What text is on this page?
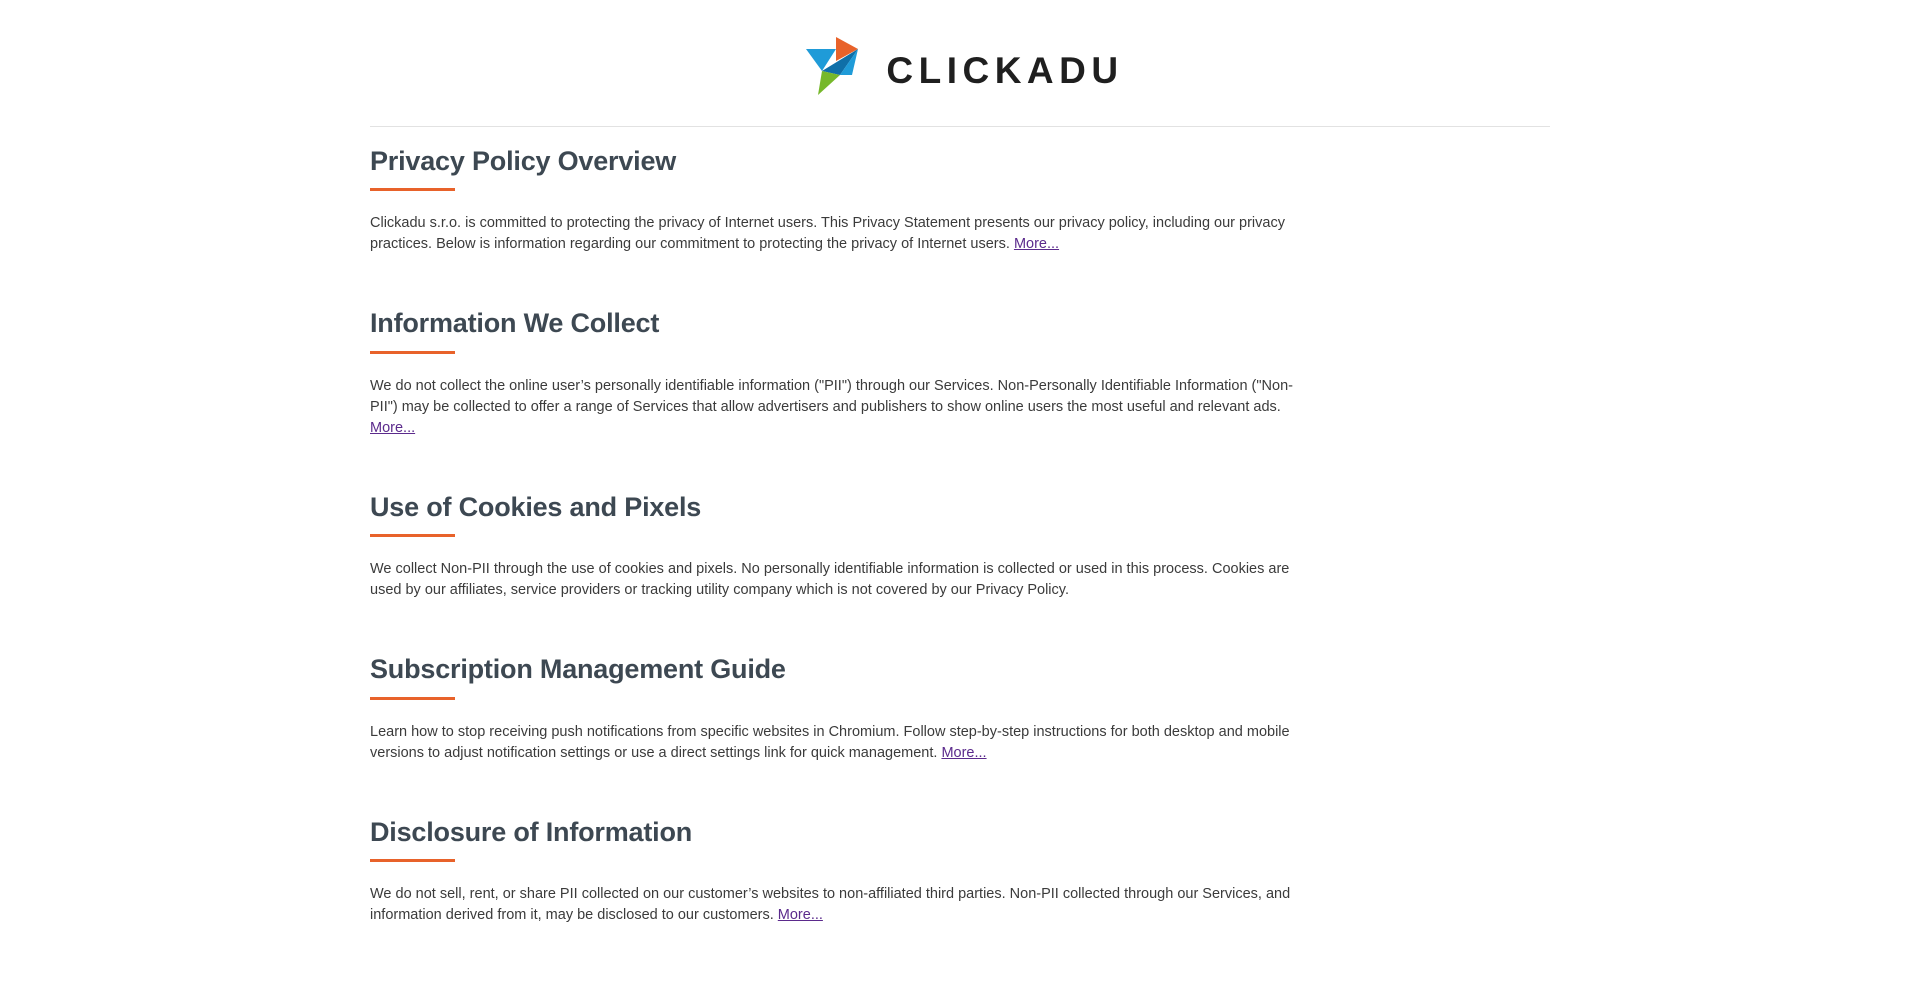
CLICKADU
Privacy Policy Overview

Clickadu s.r.o. is committed to protecting the privacy of Internet users. This Privacy Statement presents our privacy policy, including our privacy practices. Below is information regarding our commitment to protecting the privacy of Internet users. More...

Information We Collect

We do not collect the online user’s personally identifiable information ("PII") through our Services. Non-Personally Identifiable Information ("Non-PII") may be collected to offer a range of Services that allow advertisers and publishers to show online users the most useful and relevant ads. More...

Use of Cookies and Pixels

We collect Non-PII through the use of cookies and pixels. No personally identifiable information is collected or used in this process. Cookies are used by our affiliates, service providers or tracking utility company which is not covered by our Privacy Policy.

Subscription Management Guide

Learn how to stop receiving push notifications from specific websites in Chromium. Follow step-by-step instructions for both desktop and mobile versions to adjust notification settings or use a direct settings link for quick management. More...

Disclosure of Information

We do not sell, rent, or share PII collected on our customer’s websites to non-affiliated third parties. Non-PII collected through our Services, and information derived from it, may be disclosed to our customers. More...
